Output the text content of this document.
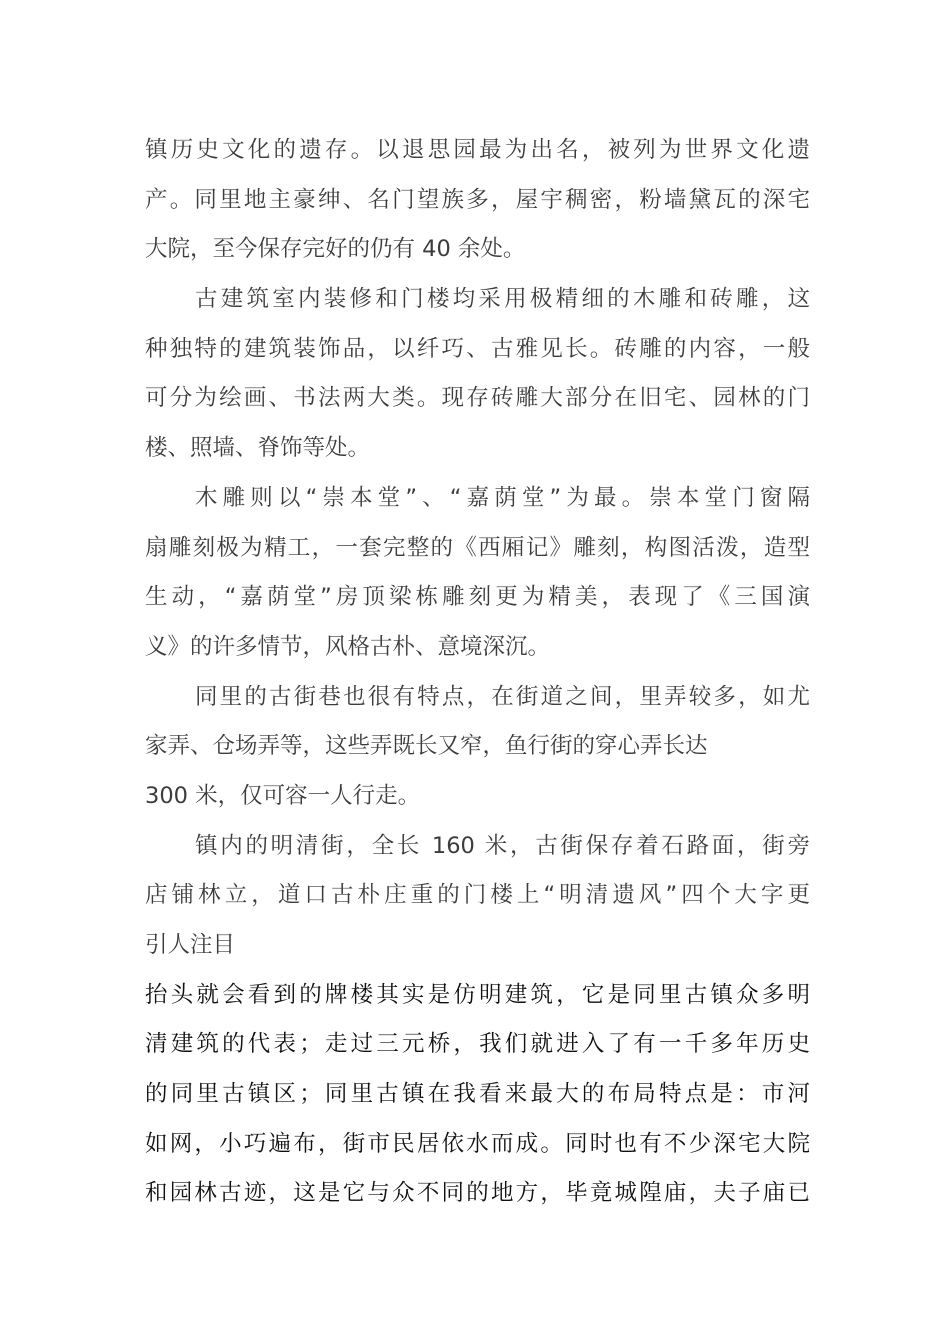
镇历史文化的遗存。以退思园最为出名，被列为世界文化遗
产。同里地主豪绅、名门望族多，屋宇稠密，粉墙黛瓦的深宅
大院，至今保存完好的仍有 40 余处。
古建筑室内装修和门楼均采用极精细的木雕和砖雕，这
种独特的建筑装饰品，以纤巧、古雅见长。砖雕的内容，一般
可分为绘画、书法两大类。现存砖雕大部分在旧宅、园林的门
楼、照墙、脊饰等处。
木雕则以“崇本堂”、“嘉荫堂”为最。崇本堂门窗隔
扇雕刻极为精工，一套完整的《西厢记》雕刻，构图活泼，造型
生动，“嘉荫堂”房顶梁栋雕刻更为精美，表现了《三国演
义》的许多情节，风格古朴、意境深沉。
同里的古街巷也很有特点，在街道之间，里弄较多，如尤
家弄、仓场弄等，这些弄既长又窄，鱼行街的穿心弄长达
300 米，仅可容一人行走。
镇内的明清街，全长 160 米，古街保存着石路面，街旁
店铺林立，道口古朴庄重的门楼上“明清遗风”四个大字更
引人注目
抬头就会看到的牌楼其实是仿明建筑，它是同里古镇众多明
清建筑的代表；走过三元桥，我们就进入了有一千多年历史
的同里古镇区；同里古镇在我看来最大的布局特点是：市河
如网，小巧遍布，街市民居依水而成。同时也有不少深宅大院
和园林古迹，这是它与众不同的地方，毕竟城隍庙，夫子庙已
